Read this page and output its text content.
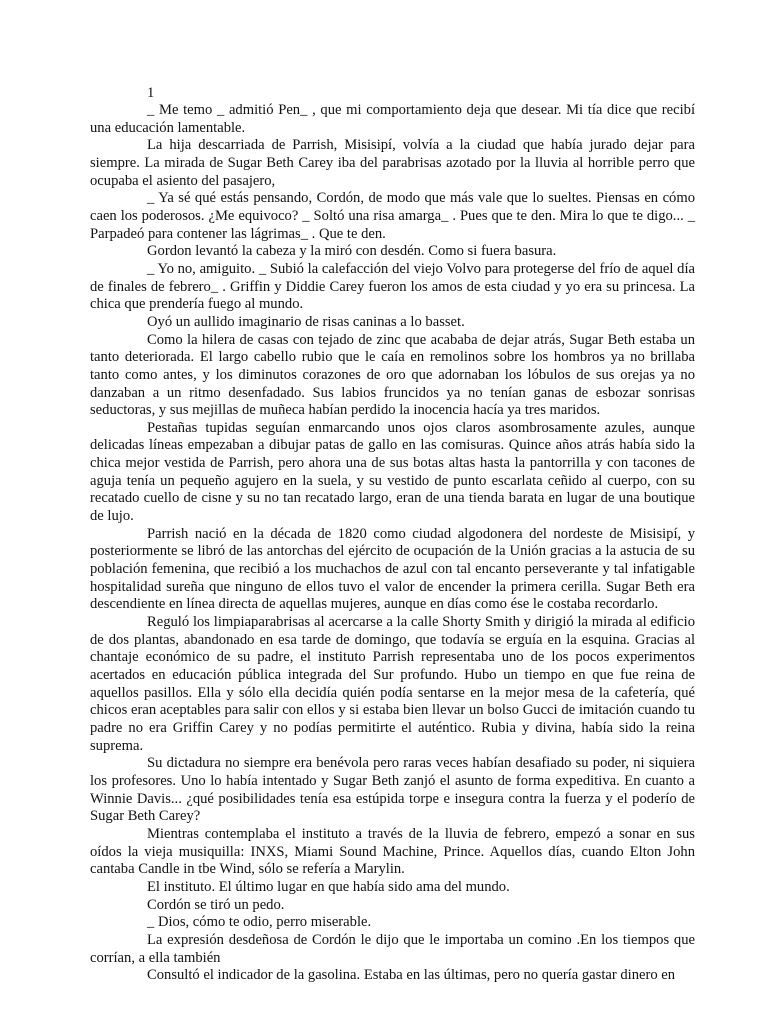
1

_ Me temo _ admitió Pen_ , que mi comportamiento deja que desear. Mi tía dice que recibí una educación lamentable.

La hija descarriada de Parrish, Misisipí, volvía a la ciudad que había jurado dejar para siempre. La mirada de Sugar Beth Carey iba del parabrisas azotado por la lluvia al horrible perro que ocupaba el asiento del pasajero,

_ Ya sé qué estás pensando, Cordón, de modo que más vale que lo sueltes. Piensas en cómo caen los poderosos. ¿Me equivoco? _ Soltó una risa amarga_ . Pues que te den. Mira lo que te digo... _ Parpadeó para contener las lágrimas_ . Que te den.

Gordon levantó la cabeza y la miró con desdén. Como si fuera basura.

_ Yo no, amiguito. _ Subió la calefacción del viejo Volvo para protegerse del frío de aquel día de finales de febrero_ . Griffin y Diddie Carey fueron los amos de esta ciudad y yo era su princesa. La chica que prendería fuego al mundo.

Oyó un aullido imaginario de risas caninas a lo basset.

Como la hilera de casas con tejado de zinc que acababa de dejar atrás, Sugar Beth estaba un tanto deteriorada. El largo cabello rubio que le caía en remolinos sobre los hombros ya no brillaba tanto como antes, y los diminutos corazones de oro que adornaban los lóbulos de sus orejas ya no danzaban a un ritmo desenfadado. Sus labios fruncidos ya no tenían ganas de esbozar sonrisas seductoras, y sus mejillas de muñeca habían perdido la inocencia hacía ya tres maridos.

Pestañas tupidas seguían enmarcando unos ojos claros asombrosamente azules, aunque delicadas líneas empezaban a dibujar patas de gallo en las comisuras. Quince años atrás había sido la chica mejor vestida de Parrish, pero ahora una de sus botas altas hasta la pantorrilla y con tacones de aguja tenía un pequeño agujero en la suela, y su vestido de punto escarlata ceñido al cuerpo, con su recatado cuello de cisne y su no tan recatado largo, eran de una tienda barata en lugar de una boutique de lujo.

Parrish nació en la década de 1820 como ciudad algodonera del nordeste de Misisipí, y posteriormente se libró de las antorchas del ejército de ocupación de la Unión gracias a la astucia de su población femenina, que recibió a los muchachos de azul con tal encanto perseverante y tal infatigable hospitalidad sureña que ninguno de ellos tuvo el valor de encender la primera cerilla. Sugar Beth era descendiente en línea directa de aquellas mujeres, aunque en días como ése le costaba recordarlo.

Reguló los limpiaparabrisas al acercarse a la calle Shorty Smith y dirigió la mirada al edificio de dos plantas, abandonado en esa tarde de domingo, que todavía se erguía en la esquina. Gracias al chantaje económico de su padre, el instituto Parrish representaba uno de los pocos experimentos acertados en educación pública integrada del Sur profundo. Hubo un tiempo en que fue reina de aquellos pasillos. Ella y sólo ella decidía quién podía sentarse en la mejor mesa de la cafetería, qué chicos eran aceptables para salir con ellos y si estaba bien llevar un bolso Gucci de imitación cuando tu padre no era Griffin Carey y no podías permitirte el auténtico. Rubia y divina, había sido la reina suprema.

Su dictadura no siempre era benévola pero raras veces habían desafiado su poder, ni siquiera los profesores. Uno lo había intentado y Sugar Beth zanjó el asunto de forma expeditiva. En cuanto a Winnie Davis... ¿qué posibilidades tenía esa estúpida torpe e insegura contra la fuerza y el poderío de Sugar Beth Carey?

Mientras contemplaba el instituto a través de la lluvia de febrero, empezó a sonar en sus oídos la vieja musiquilla: INXS, Miami Sound Machine, Prince. Aquellos días, cuando Elton John cantaba Candle in tbe Wind, sólo se refería a Marylin.

El instituto. El último lugar en que había sido ama del mundo.

Cordón se tiró un pedo.

_ Dios, cómo te odio, perro miserable.

La expresión desdeñosa de Cordón le dijo que le importaba un comino .En los tiempos que corrían, a ella también

Consultó el indicador de la gasolina. Estaba en las últimas, pero no quería gastar dinero en
